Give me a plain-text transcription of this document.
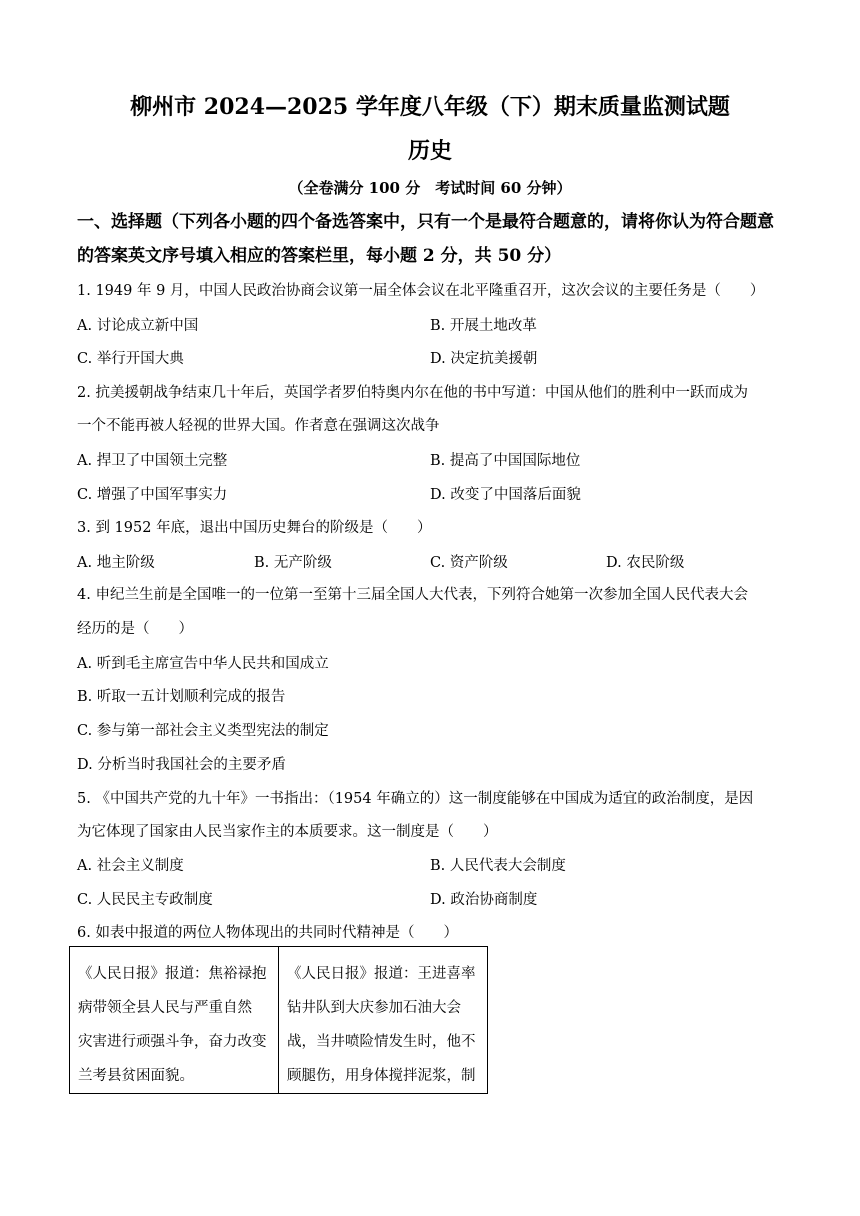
柳州市 2024—2025 学年度八年级（下）期末质量监测试题
历史
（全卷满分 100 分　考试时间 60 分钟）
一、选择题（下列各小题的四个备选答案中，只有一个是最符合题意的，请将你认为符合题意的答案英文序号填入相应的答案栏里，每小题 2 分，共 50 分）
1. 1949 年 9 月，中国人民政治协商会议第一届全体会议在北平隆重召开，这次会议的主要任务是（　　）
A. 讨论成立新中国	B. 开展土地改革
C. 举行开国大典	D. 决定抗美援朝
2. 抗美援朝战争结束几十年后，英国学者罗伯特奥内尔在他的书中写道：中国从他们的胜利中一跃而成为
一个不能再被人轻视的世界大国。作者意在强调这次战争
A. 捍卫了中国领土完整	B. 提高了中国国际地位
C. 增强了中国军事实力	D. 改变了中国落后面貌
3. 到 1952 年底，退出中国历史舞台的阶级是（　　）
A. 地主阶级	B. 无产阶级	C. 资产阶级	D. 农民阶级
4. 申纪兰生前是全国唯一的一位第一至第十三届全国人大代表，下列符合她第一次参加全国人民代表大会
经历的是（　　）
A. 听到毛主席宣告中华人民共和国成立
B. 听取一五计划顺利完成的报告
C. 参与第一部社会主义类型宪法的制定
D. 分析当时我国社会的主要矛盾
5. 《中国共产党的九十年》一书指出：（1954 年确立的）这一制度能够在中国成为适宜的政治制度，是因
为它体现了国家由人民当家作主的本质要求。这一制度是（　　）
A. 社会主义制度	B. 人民代表大会制度
C. 人民民主专政制度	D. 政治协商制度
6. 如表中报道的两位人物体现出的共同时代精神是（　　）
《人民日报》报道：焦裕禄抱
病带领全县人民与严重自然
灾害进行顽强斗争，奋力改变
兰考县贫困面貌。

《人民日报》报道：王进喜率
钻井队到大庆参加石油大会
战，当井喷险情发生时，他不
顾腿伤，用身体搅拌泥浆，制
